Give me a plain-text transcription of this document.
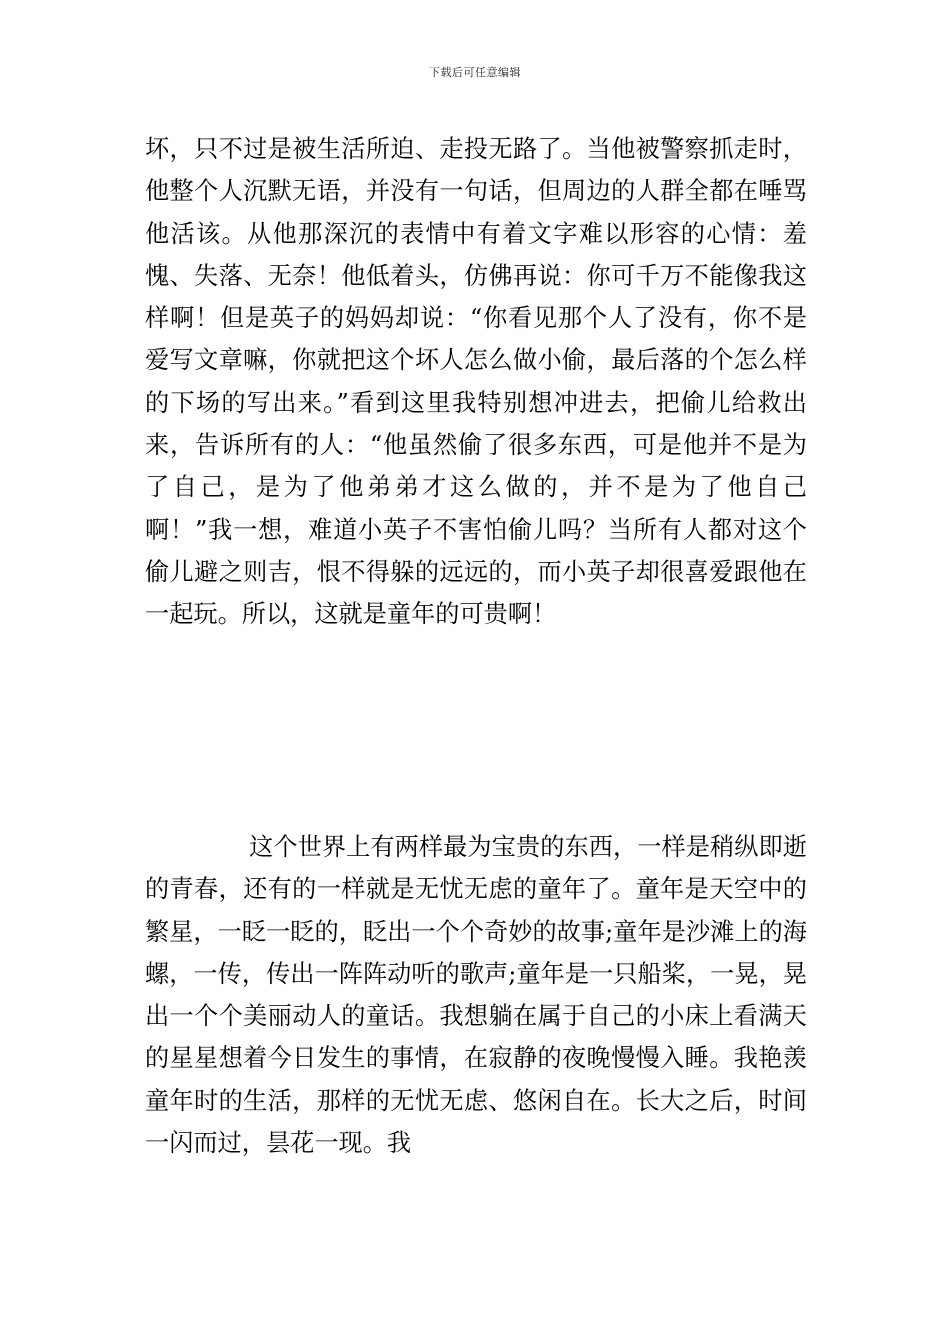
下载后可任意编辑

坏，只不过是被生活所迫、走投无路了。当他被警察抓走时，他整个人沉默无语，并没有一句话，但周边的人群全都在唾骂他活该。从他那深沉的表情中有着文字难以形容的心情：羞愧、失落、无奈！他低着头，仿佛再说：你可千万不能像我这样啊！但是英子的妈妈却说：“你看见那个人了没有，你不是爱写文章嘛，你就把这个坏人怎么做小偷，最后落的个怎么样的下场的写出来。”看到这里我特别想冲进去，把偷儿给救出来，告诉所有的人：“他虽然偷了很多东西，可是他并不是为了自己，是为了他弟弟才这么做的，并不是为了他自己啊！”我一想，难道小英子不害怕偷儿吗？当所有人都对这个偷儿避之则吉，恨不得躲的远远的，而小英子却很喜爱跟他在一起玩。所以，这就是童年的可贵啊！

这个世界上有两样最为宝贵的东西，一样是稍纵即逝的青春，还有的一样就是无忧无虑的童年了。童年是天空中的繁星，一眨一眨的，眨出一个个奇妙的故事;童年是沙滩上的海螺，一传，传出一阵阵动听的歌声;童年是一只船桨，一晃，晃出一个个美丽动人的童话。我想躺在属于自己的小床上看满天的星星想着今日发生的事情，在寂静的夜晚慢慢入睡。我艳羡童年时的生活，那样的无忧无虑、悠闲自在。长大之后，时间一闪而过，昙花一现。我
